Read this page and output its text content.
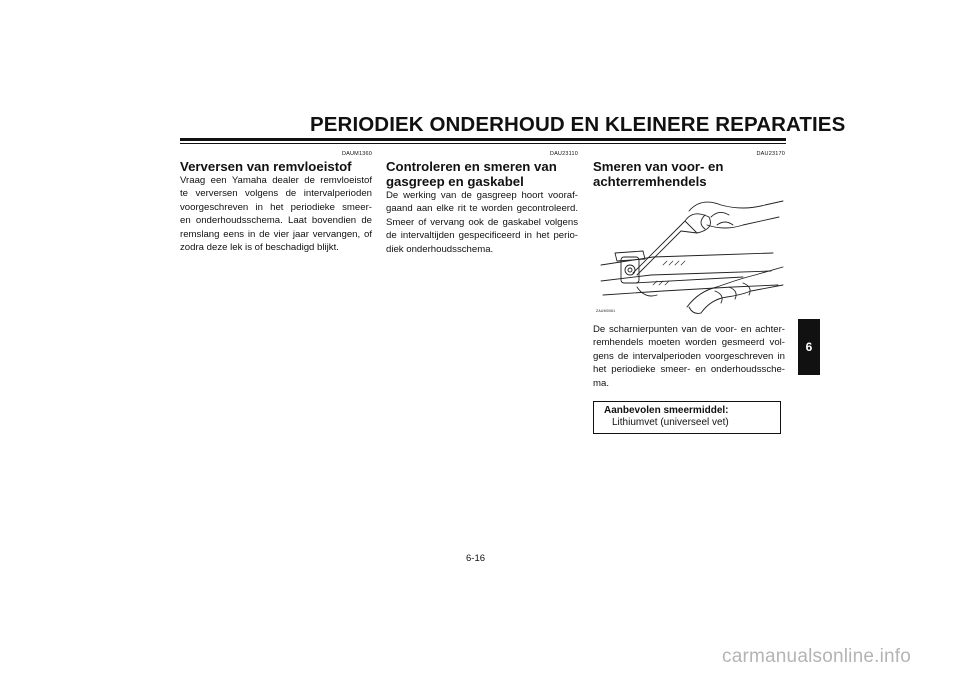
PERIODIEK ONDERHOUD EN KLEINERE REPARATIES
DAUM1360
Verversen van remvloeistof
Vraag een Yamaha dealer de remvloeistof
te verversen volgens de intervalperioden
voorgeschreven in het periodieke smeer-
en onderhoudsschema. Laat bovendien de
remslang eens in de vier jaar vervangen, of
zodra deze lek is of beschadigd blijkt.
DAU23110
Controleren en smeren van
gasgreep en gaskabel
De werking van de gasgreep hoort vooraf-
gaand aan elke rit te worden gecontroleerd.
Smeer of vervang ook de gaskabel volgens
de intervaltijden gespecificeerd in het perio-
diek onderhoudsschema.
DAU23170
Smeren van voor- en
achterremhendels
ZAUM0061
De scharnierpunten van de voor- en achter-
remhendels moeten worden gesmeerd vol-
gens de intervalperioden voorgeschreven in
het periodieke smeer- en onderhoudssche-
ma.
Aanbevolen smeermiddel:
Lithiumvet (universeel vet)
6
6-16
carmanualsonline.info
